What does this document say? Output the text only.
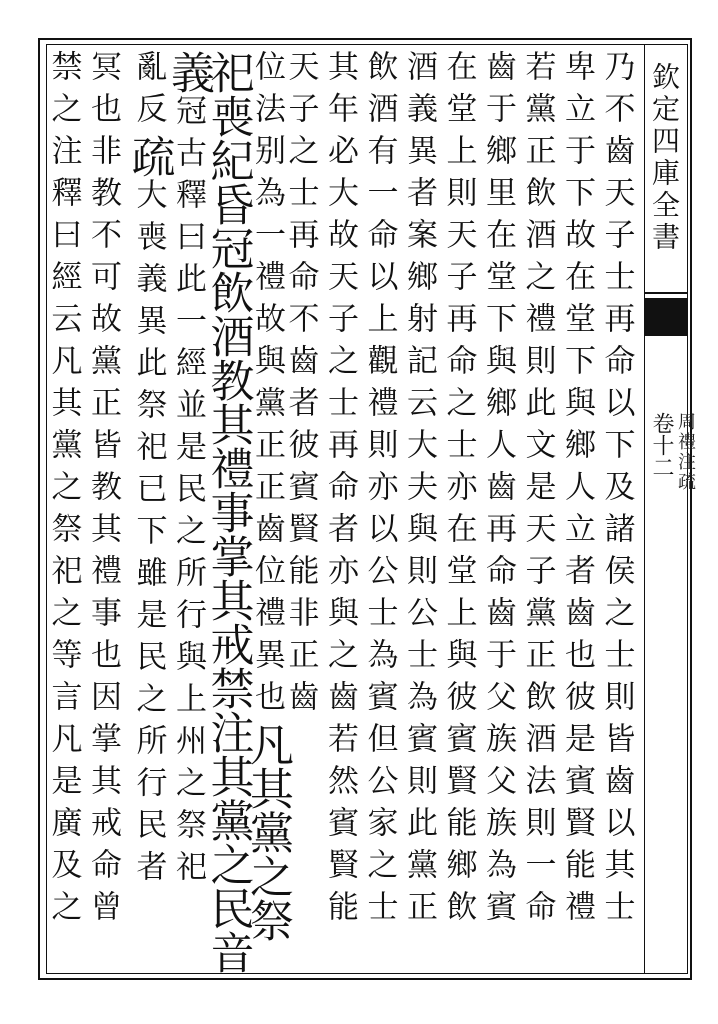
欽定四庫全書
周禮注疏
卷十二
乃不齒天子士再命以下及諸侯之士則皆齒以其士
卑立于下故在堂下與鄉人立者齒也彼是賓賢能禮
若黨正飲酒之禮則此文是天子黨正飲酒法則一命
齒于鄉里在堂下與鄉人齒再命齒于父族父族為賓
在堂上則天子再命之士亦在堂上與彼賓賢能鄉飲
酒義異者案鄉射記云大夫與則公士為賓則此黨正
飲酒有一命以上觀禮則亦以公士為賓但公家之士
其年必大故天子之士再命者亦與之齒若然賓賢能
天子之士再命不齒者彼賓賢能非正齒
位法别為一禮故與黨正正齒位禮異也凡其黨之祭
祀喪紀昏冠飲酒教其禮事掌其戒禁注其黨之民音
義冠古釋曰此一經並是民之所行與上州之祭祀
亂反疏大喪義異此祭祀已下雖是民之所行民者
冥也非教不可故黨正皆教其禮事也因掌其戒命曾
禁之注釋曰經云凡其黨之祭祀之等言凡是廣及之
